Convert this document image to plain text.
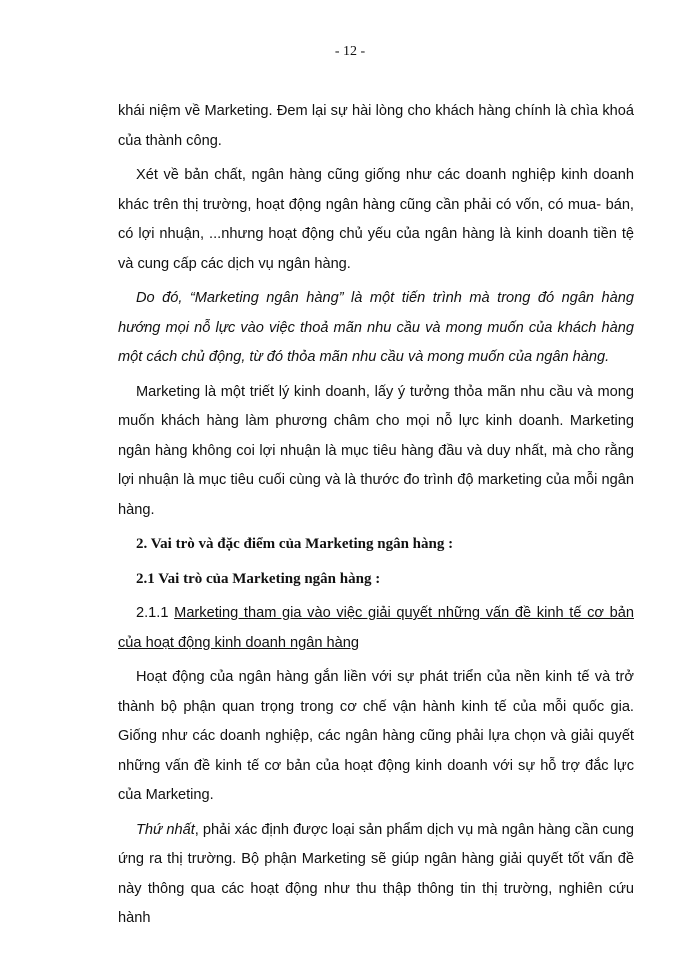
- 12 -

khái niệm về Marketing. Đem lại sự hài lòng cho khách hàng chính là chìa khoá của thành công.

Xét về bản chất, ngân hàng cũng giống như các doanh nghiệp kinh doanh khác trên thị trường, hoạt động ngân hàng cũng cần phải có vốn, có mua- bán, có lợi nhuận, ...nhưng hoạt động chủ yếu của ngân hàng là kinh doanh tiền tệ và cung cấp các dịch vụ ngân hàng.

Do đó, “Marketing ngân hàng” là một tiến trình mà trong đó ngân hàng hướng mọi nỗ lực vào việc thoả mãn nhu cầu và mong muốn của khách hàng một cách chủ động, từ đó thỏa mãn nhu cầu và mong muốn của ngân hàng.

Marketing là một triết lý kinh doanh, lấy ý tưởng thỏa mãn nhu cầu và mong muốn khách hàng làm phương châm cho mọi nỗ lực kinh doanh. Marketing ngân hàng không coi lợi nhuận là mục tiêu hàng đầu và duy nhất, mà cho rằng lợi nhuận là mục tiêu cuối cùng và là thước đo trình độ marketing của mỗi ngân hàng.

2. Vai trò và đặc điểm của Marketing ngân hàng :

2.1 Vai trò của Marketing ngân hàng :

2.1.1 Marketing tham gia vào việc giải quyết những vấn đề kinh tế cơ bản của hoạt động kinh doanh ngân hàng

Hoạt động của ngân hàng gắn liền với sự phát triển của nền kinh tế và trở thành bộ phận quan trọng trong cơ chế vận hành kinh tế của mỗi quốc gia. Giống như các doanh nghiệp, các ngân hàng cũng phải lựa chọn và giải quyết những vấn đề kinh tế cơ bản của hoạt động kinh doanh với sự hỗ trợ đắc lực của Marketing.

Thứ nhất, phải xác định được loại sản phẩm dịch vụ mà ngân hàng cần cung ứng ra thị trường. Bộ phận Marketing sẽ giúp ngân hàng giải quyết tốt vấn đề này thông qua các hoạt động như thu thập thông tin thị trường, nghiên cứu hành
